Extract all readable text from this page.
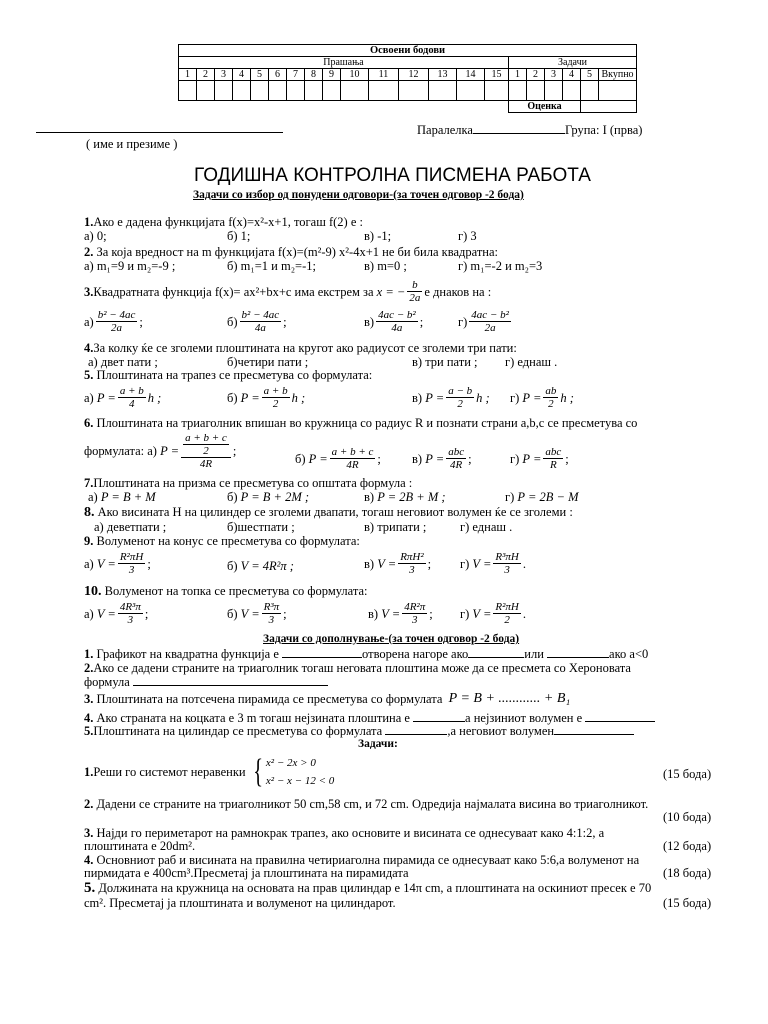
Освоени бодови																				
Прашања															Задачи					
1	2	3	4	5	6	7	8	9	10	11	12	13	14	15	1	2	3	4	5	Вкупно

															Оценка					
( име и презиме )
Паралелка	Група: I (прва)
ГОДИШНА КОНТРОЛНА ПИСМЕНА РАБОТА
Задачи со избор од понудени одговори-(за точен одговор -2 бода)
1.Ако е дадена функцијата f(x)=x²-x+1, тогаш f(2) е :
а) 0;	б) 1;	в) -1;	г) 3
2. За која вредност на m функцијата f(x)=(m²-9) x²-4x+1 не би била квадратна:
а) m₁=9 и m₂=-9 ;	б) m₁=1 и m₂=-1;	в) m=0 ;	г) m₁=-2 и m₂=3
3. Квадратната функција f(x)= ax²+bx+c има екстрем за
x = − $\frac{b}{2a}$ е днаков на :
$а) \frac{\text{b² − 4ac}}{2a}$ ;	$б) \frac{\text{b² − 4ac}}{4a}$ ;	$в) \frac{\text{4ac − b²}}{4a}$ ;	$г) \frac{\text{4ac − b²}}{2a}$
4.За колку ќе се зголеми плоштината на кругот ако радиусот се зголеми три пати:
а) двет пати ;	б)четири пати ;	в) три пати ; г) еднаш .
5. Плоштината на трапез се пресметува со формулата:
а)
$P = \frac{a + b}{4}$ h ;	б)
$P = \frac{a + b}{2}$ h ;	в)
$P = \frac{a - b}{2}$ h ; г)
$P = \frac{ab}{2}$ h ;
6. Плоштината на триаголник впишан во кружница со радиус R и познати страни a,b,c се пресметува со
формулата:
а)
$P = \frac{\frac{a + b + c}{2}}{4R}$ ;
б)
$P = \frac{a + b + c}{4R}$ ; в)
$P = \frac{\text{abc}}{4R}$ ;	г)
$P = \frac{\text{abc}}{R}$ ;
7.Плоштината на призма се пресметува со општата формула :
а) P = B + M	б) P = B + 2M ;	в) P = 2B + M ;	г) P = 2B − M
8. Ако висината H на цилиндер се зголеми двапати, тогаш неговиот волумен ќе се зголеми :
а) деветпати ;	б)шестпати ;	в) трипати ;	г) еднаш .
9. Волуменот на конус се пресметува со формулата:
а)
$V = \frac{\text{R²πH}}{3}$ ;	б) V = 4R²π ;	в)
$V = \frac{\text{RπH²}}{3}$ ; г)
$V = \frac{\text{R³πH}}{3}$ .
10. Волуменот на топка се пресметува со формулата:
а)
$V = \frac{\text{4R³π}}{3}$ ;	б)
$V = \frac{\text{R³π}}{3}$ ;	в)
$V = \frac{\text{4R²π}}{3}$ ; г)
$V = \frac{\text{R²πH}}{2}$ .
Задачи со дополнување-(за точен одговор -2 бода)
1. Графикот на квадратна функција е	отворена нагоре ако	или	ако a<0
2.Ако се дадени страните на триаголник тогаш неговата плоштина може да се пресмета со Хероновата
формула
3.
Плоштината на потсечена пирамида се пресметува со формулата
P = B + ............ + B₁
4. Ако страната на коцката е 3 m тогаш нејзината плоштина е	а нејзиниот волумен е
5.Плоштината на цилиндар се пресметува со формулата	,а неговиот волумен
Задачи:
1. Реши го системот неравенки { x² − 2x > 0
x² − x − 12 < 0	(15 бода)
2. Дадени се страните на триаголникот 50 cm,58 cm, и 72 cm. Одредија најмалата висина во триаголникот.
(10 бода)
3. Најди го периметарот на рамнокрак трапез, ако основите и висината се однесуваат како 4:1:2, а
плоштината е 20dm².	(12 бода)
4. Основниот раб и висината на правилна четириаголна пирамида се однесуваат како 5:6,а волуменот на
пирмидата е 400cm³.Пресметај ја плоштината на пирамидата	(18 бода)
5. Должината на кружница на основата на прав цилиндар е 14π cm, а плоштината на оскиниот пресек е 70
cm². Пресметај ја плоштината и волуменот на цилиндарот.	(15 бода)
